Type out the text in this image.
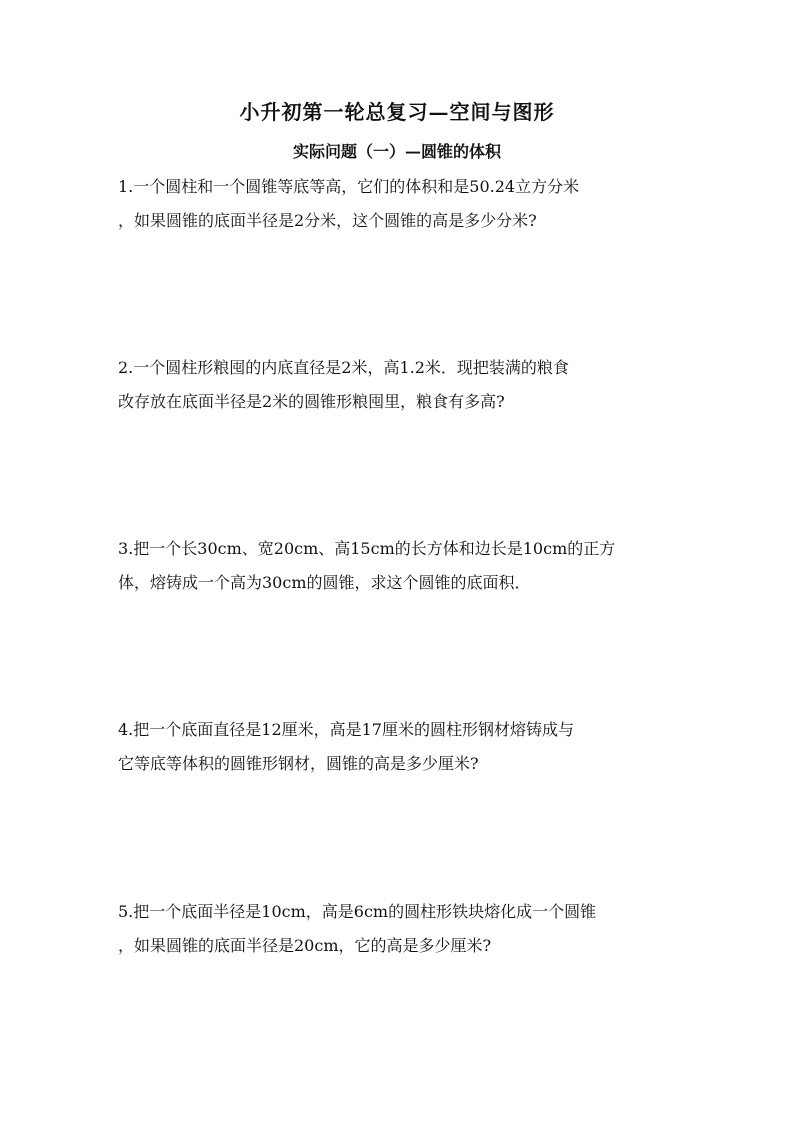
小升初第一轮总复习—空间与图形
实际问题（一）—圆锥的体积
1.一个圆柱和一个圆锥等底等高，它们的体积和是50.24立方分米
，如果圆锥的底面半径是2分米，这个圆锥的高是多少分米?
2.一个圆柱形粮囤的内底直径是2米，高1.2米．现把装满的粮食
改存放在底面半径是2米的圆锥形粮囤里，粮食有多高?
3.把一个长30cm、宽20cm、高15cm的长方体和边长是10cm的正方
体，熔铸成一个高为30cm的圆锥，求这个圆锥的底面积．
4.把一个底面直径是12厘米，高是17厘米的圆柱形钢材熔铸成与
它等底等体积的圆锥形钢材，圆锥的高是多少厘米?
5.把一个底面半径是10cm，高是6cm的圆柱形铁块熔化成一个圆锥
，如果圆锥的底面半径是20cm，它的高是多少厘米?
